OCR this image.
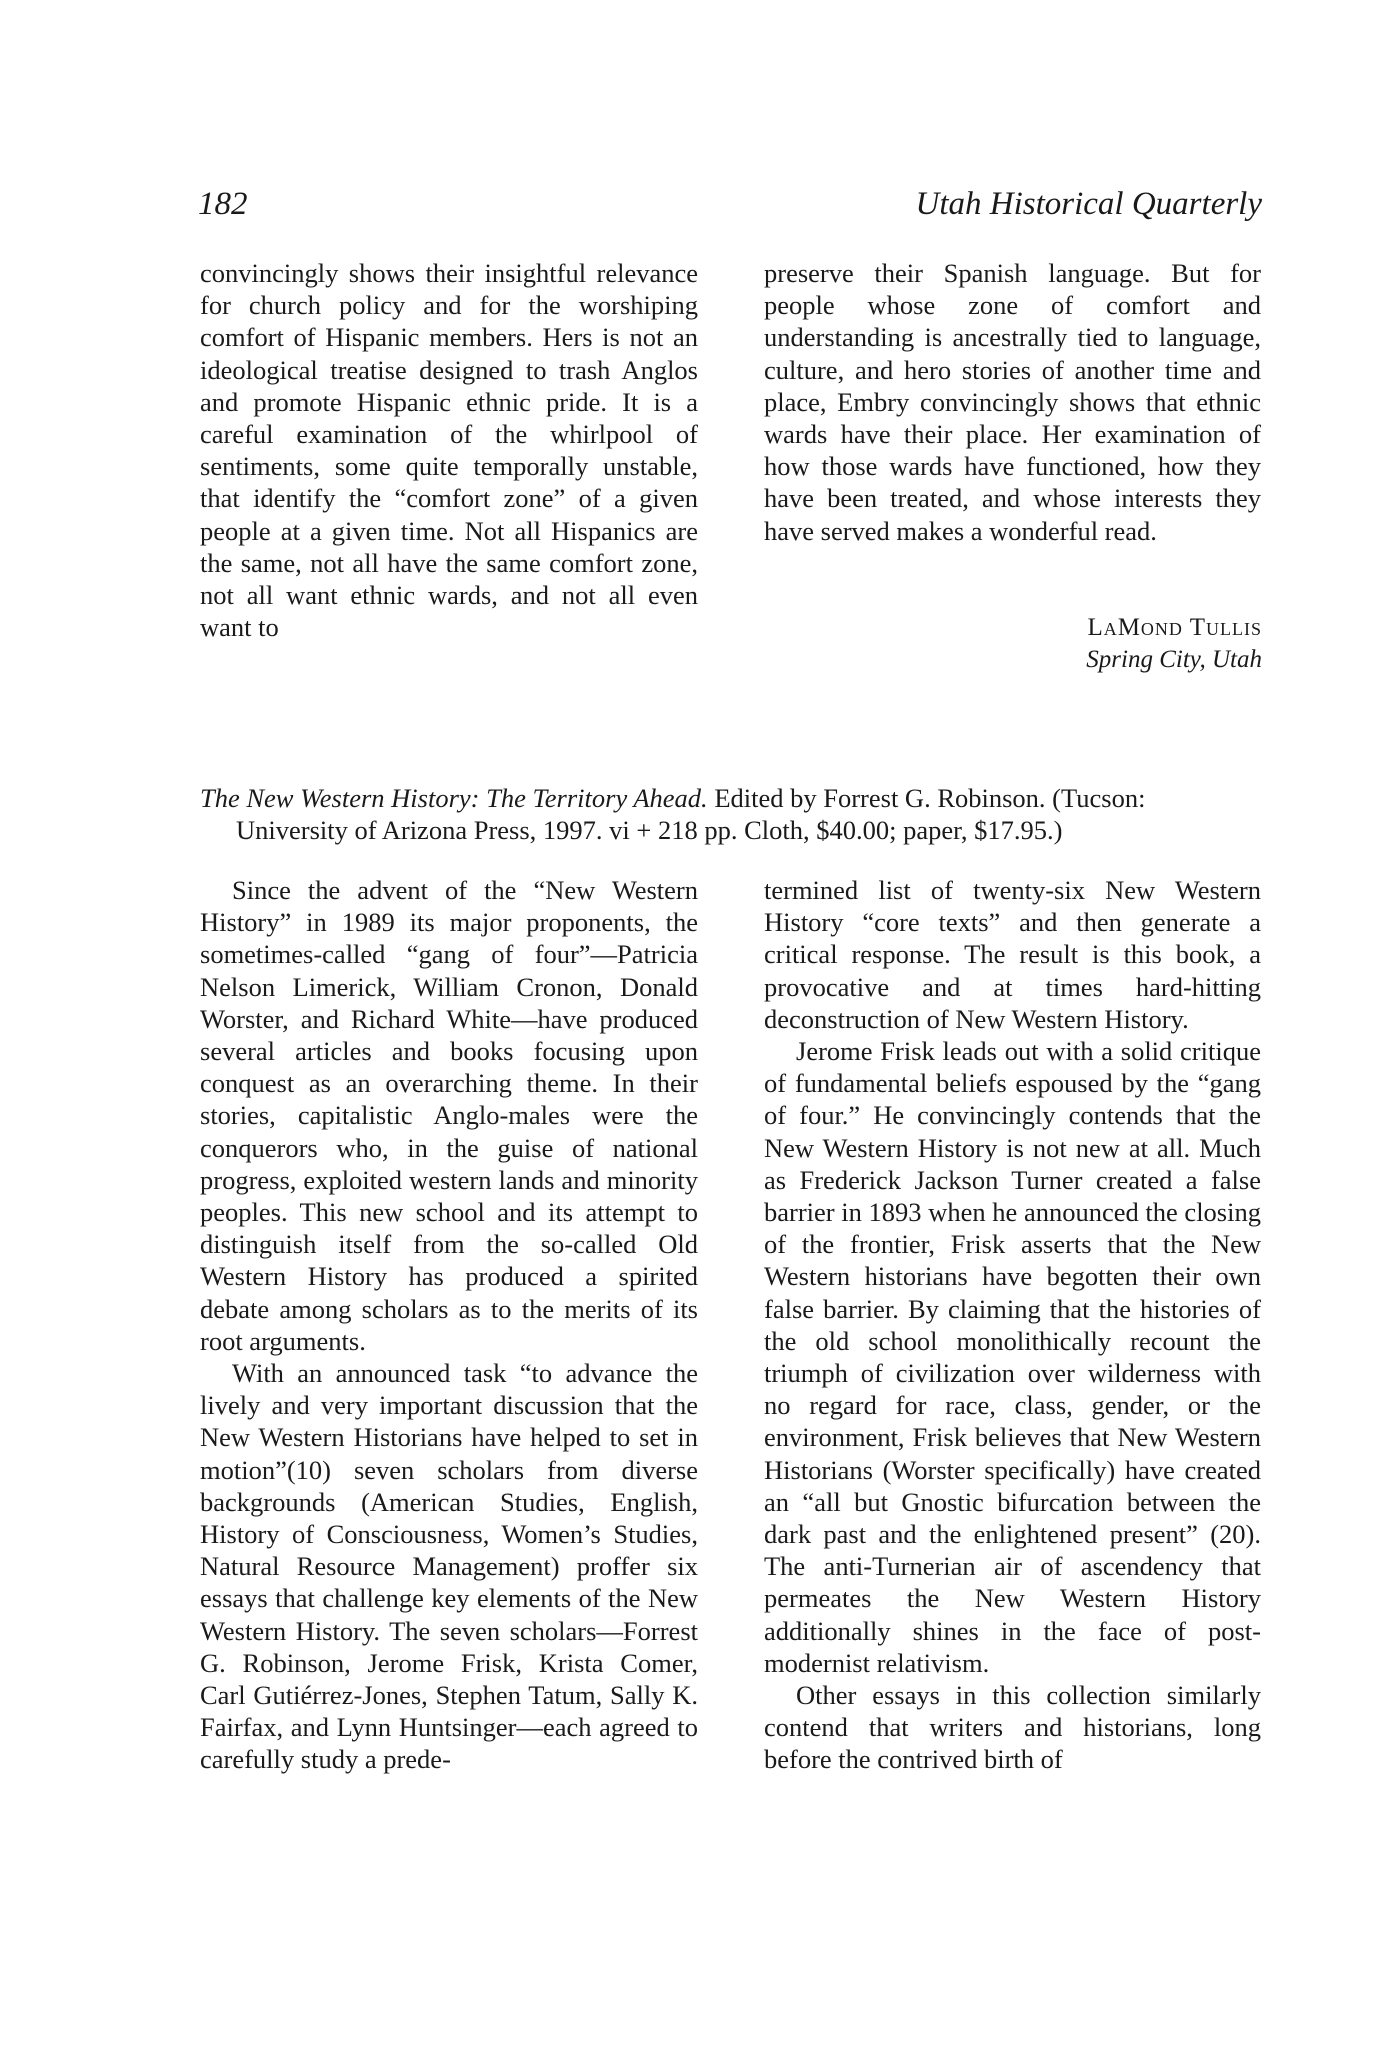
182	Utah Historical Quarterly

convincingly shows their insightful relevance for church policy and for the worshiping comfort of Hispanic members. Hers is not an ideological treatise designed to trash Anglos and promote Hispanic ethnic pride. It is a careful examination of the whirlpool of sentiments, some quite temporally unstable, that identify the “comfort zone” of a given people at a given time. Not all Hispanics are the same, not all have the same comfort zone, not all want ethnic wards, and not all even want to

preserve their Spanish language. But for people whose zone of comfort and understanding is ancestrally tied to language, culture, and hero stories of another time and place, Embry convincingly shows that ethnic wards have their place. Her examination of how those wards have functioned, how they have been treated, and whose interests they have served makes a wonderful read.

LaMond Tullis
Spring City, Utah
The New Western History: The Territory Ahead. Edited by Forrest G. Robinson. (Tucson: University of Arizona Press, 1997. vi + 218 pp. Cloth, $40.00; paper, $17.95.)

Since the advent of the “New Western History” in 1989 its major proponents, the sometimes-called “gang of four”—Patricia Nelson Limerick, William Cronon, Donald Worster, and Richard White—have produced several articles and books focusing upon conquest as an overarching theme. In their stories, capitalistic Anglo-males were the conquerors who, in the guise of national progress, exploited western lands and minority peoples. This new school and its attempt to distinguish itself from the so-called Old Western History has produced a spirited debate among scholars as to the merits of its root arguments.

With an announced task “to advance the lively and very important discussion that the New Western Historians have helped to set in motion”(10) seven scholars from diverse backgrounds (American Studies, English, History of Consciousness, Women’s Studies, Natural Resource Management) proffer six essays that challenge key elements of the New Western History. The seven scholars—Forrest G. Robinson, Jerome Frisk, Krista Comer, Carl Gutiérrez-Jones, Stephen Tatum, Sally K. Fairfax, and Lynn Huntsinger—each agreed to carefully study a prede-

termined list of twenty-six New Western History “core texts” and then generate a critical response. The result is this book, a provocative and at times hard-hitting deconstruction of New Western History.

Jerome Frisk leads out with a solid critique of fundamental beliefs espoused by the “gang of four.” He convincingly contends that the New Western History is not new at all. Much as Frederick Jackson Turner created a false barrier in 1893 when he announced the closing of the frontier, Frisk asserts that the New Western historians have begotten their own false barrier. By claiming that the histories of the old school monolithically recount the triumph of civilization over wilderness with no regard for race, class, gender, or the environment, Frisk believes that New Western Historians (Worster specifically) have created an “all but Gnostic bifurcation between the dark past and the enlightened present” (20). The anti-Turnerian air of ascendency that permeates the New Western History additionally shines in the face of post-modernist relativism.

Other essays in this collection similarly contend that writers and historians, long before the contrived birth of
